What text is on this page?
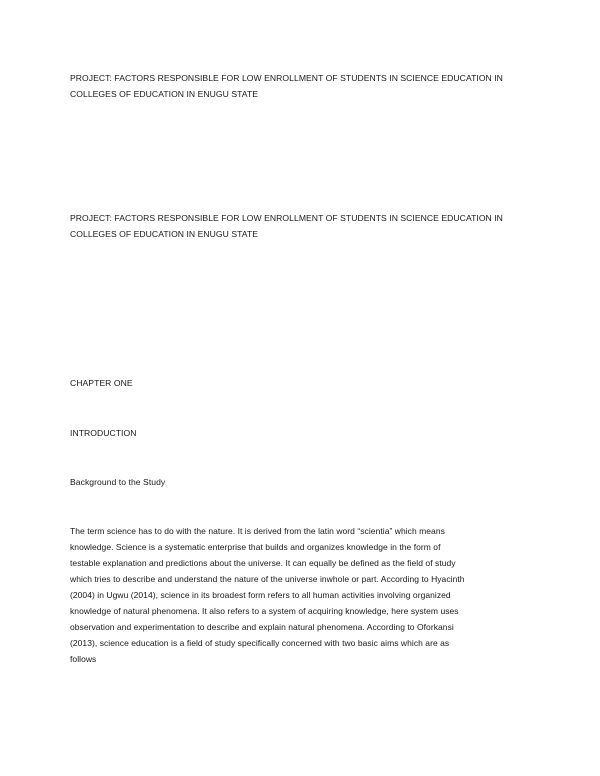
PROJECT: FACTORS RESPONSIBLE FOR LOW ENROLLMENT OF STUDENTS IN SCIENCE EDUCATION IN
COLLEGES OF EDUCATION IN ENUGU STATE
PROJECT: FACTORS RESPONSIBLE FOR LOW ENROLLMENT OF STUDENTS IN SCIENCE EDUCATION IN
COLLEGES OF EDUCATION IN ENUGU STATE
CHAPTER ONE
INTRODUCTION
Background to the Study
The term science has to do with the nature. It is derived from the latin word “scientia” which means
knowledge. Science is a systematic enterprise that builds and organizes knowledge in the form of
testable explanation and predictions about the universe. It can equally be defined as the field of study
which tries to describe and understand the nature of the universe inwhole or part. According to Hyacinth
(2004) in Ugwu (2014), science in its broadest form refers to all human activities involving organized
knowledge of natural phenomena. It also refers to a system of acquiring knowledge, here system uses
observation and experimentation to describe and explain natural phenomena. According to Oforkansi
(2013), science education is a field of study specifically concerned with two basic aims which are as
follows
